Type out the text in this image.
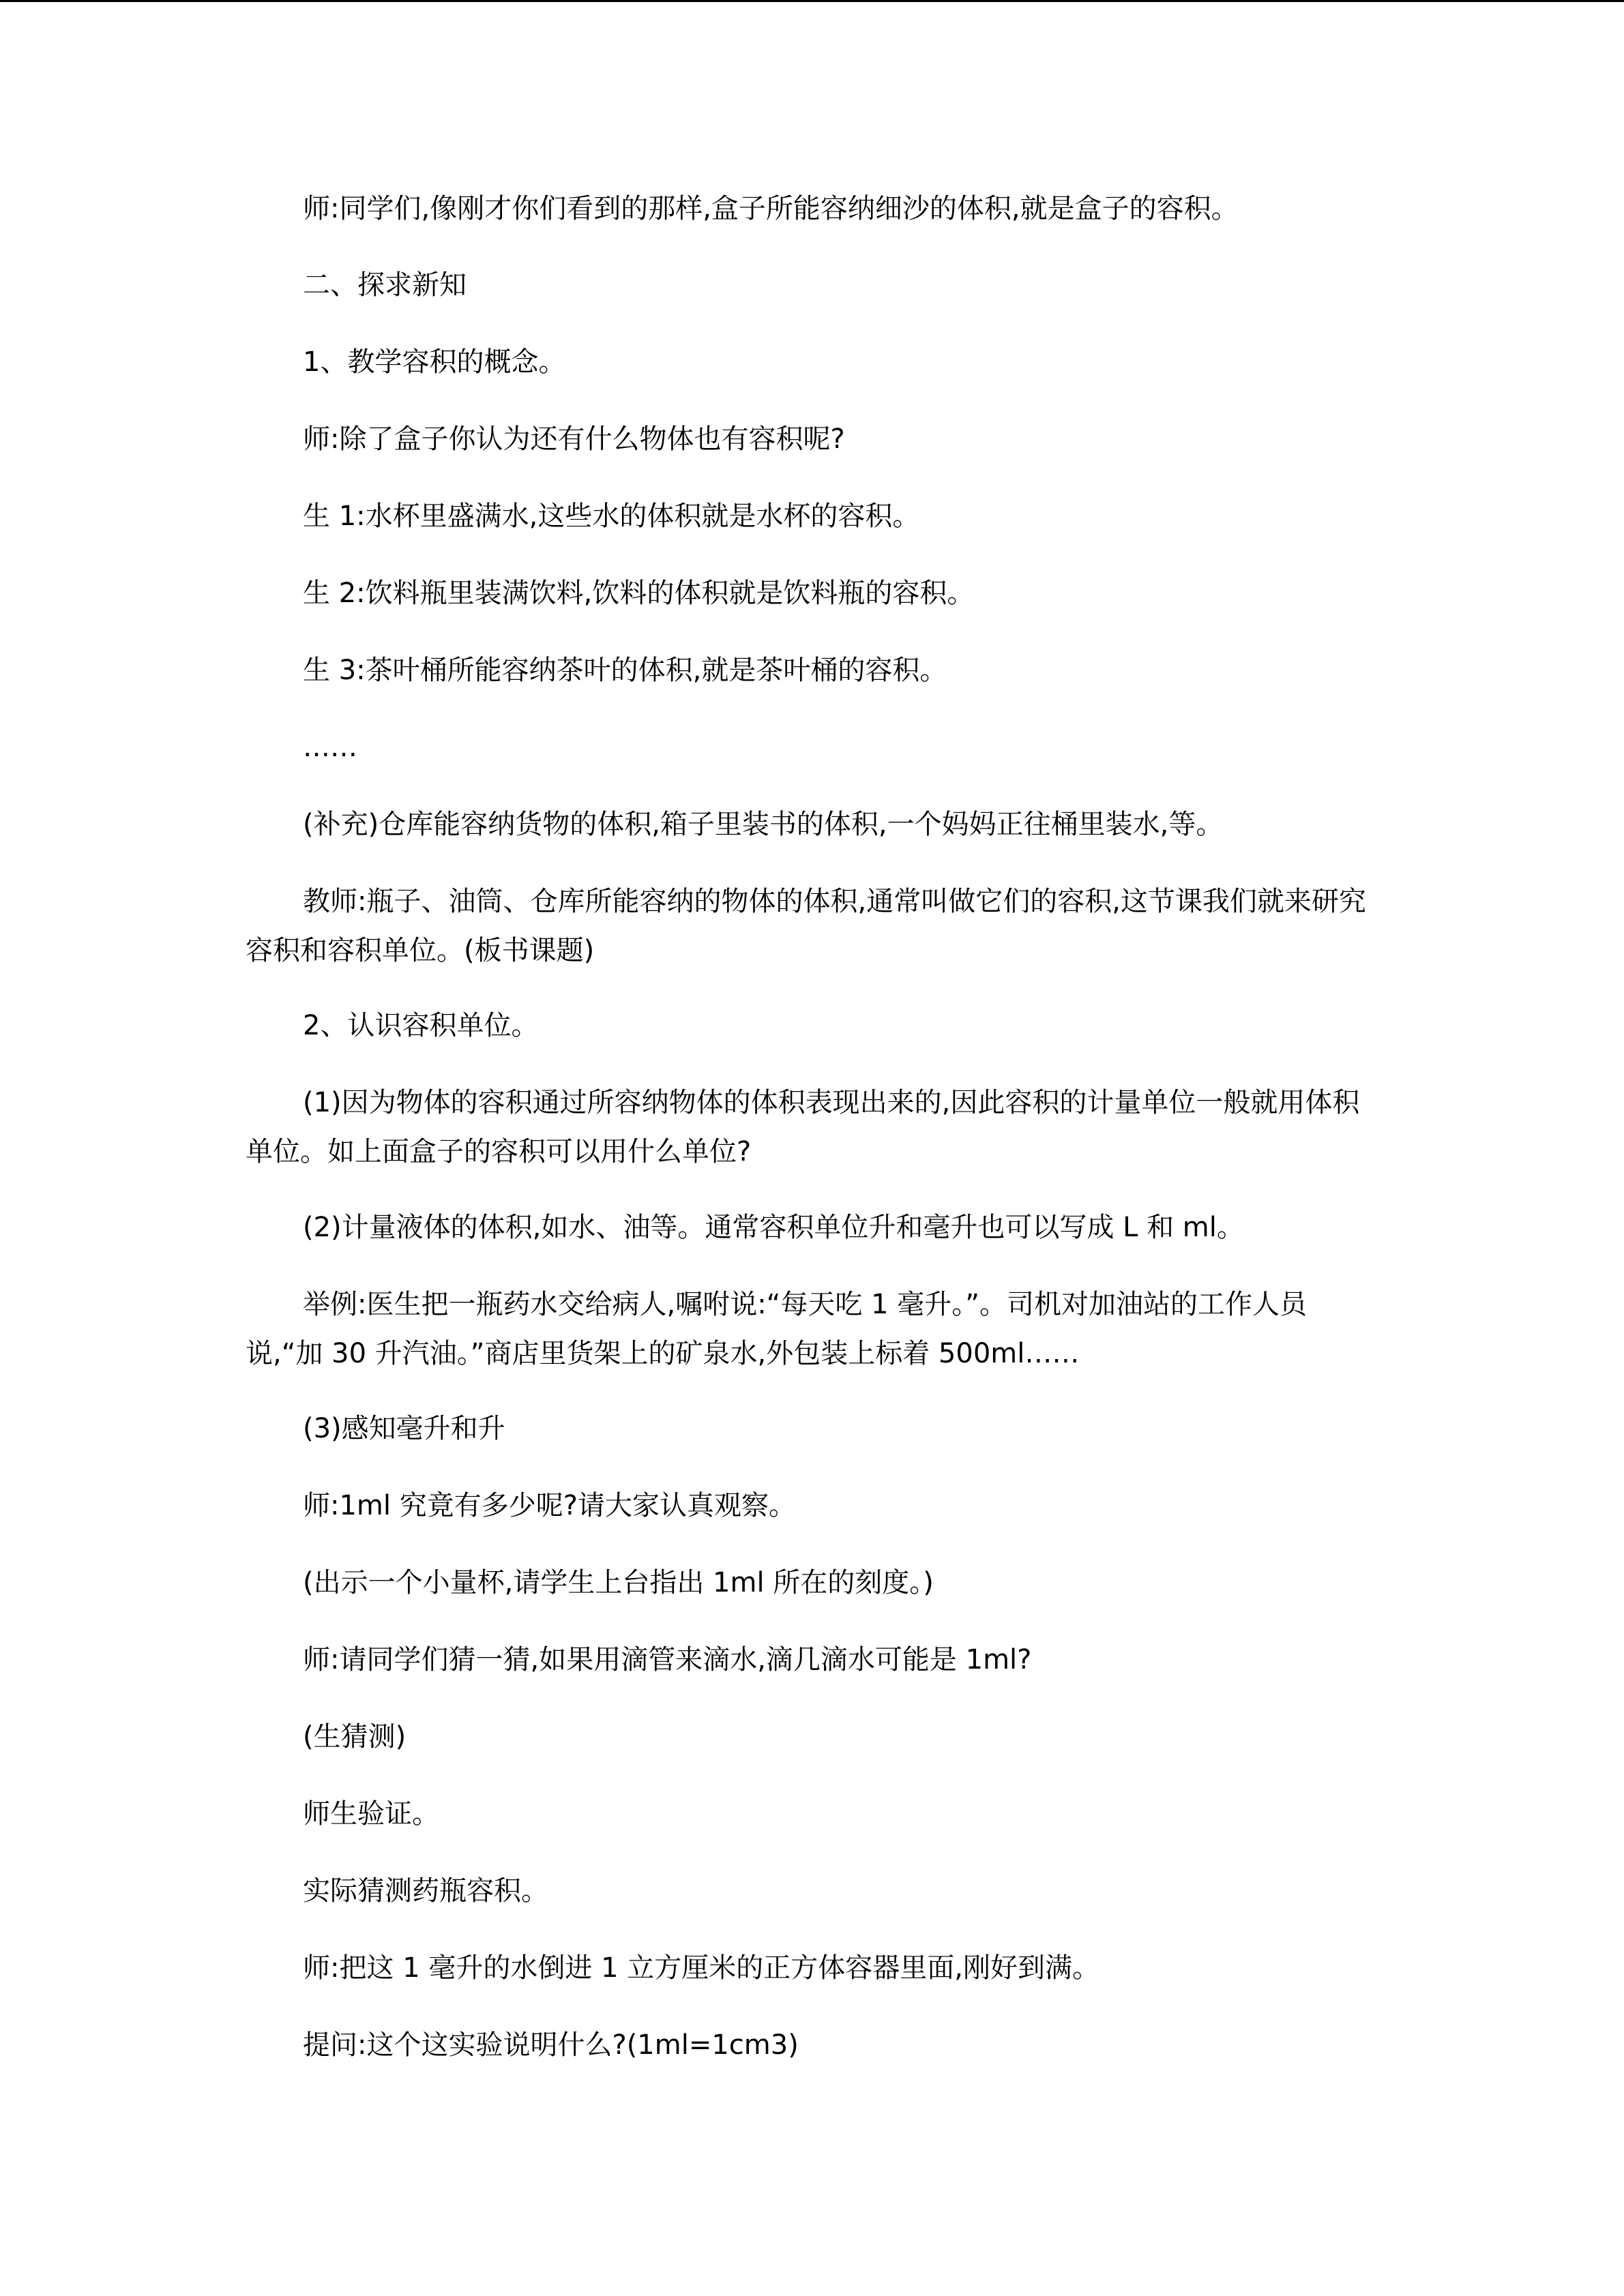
师:同学们,像刚才你们看到的那样,盒子所能容纳细沙的体积,就是盒子的容积。

二、探求新知

1、教学容积的概念。

师:除了盒子你认为还有什么物体也有容积呢?

生 1:水杯里盛满水,这些水的体积就是水杯的容积。

生 2:饮料瓶里装满饮料,饮料的体积就是饮料瓶的容积。

生 3:茶叶桶所能容纳茶叶的体积,就是茶叶桶的容积。

……

(补充)仓库能容纳货物的体积,箱子里装书的体积,一个妈妈正往桶里装水,等。

教师:瓶子、油筒、仓库所能容纳的物体的体积,通常叫做它们的容积,这节课我们就来研究容积和容积单位。(板书课题)

2、认识容积单位。

(1)因为物体的容积通过所容纳物体的体积表现出来的,因此容积的计量单位一般就用体积单位。如上面盒子的容积可以用什么单位?

(2)计量液体的体积,如水、油等。通常容积单位升和毫升也可以写成 L 和 ml。

举例:医生把一瓶药水交给病人,嘱咐说:“每天吃 1 毫升。”。司机对加油站的工作人员说,“加 30 升汽油。”商店里货架上的矿泉水,外包装上标着 500ml……

(3)感知毫升和升

师:1ml 究竟有多少呢?请大家认真观察。

(出示一个小量杯,请学生上台指出 1ml 所在的刻度。)

师:请同学们猜一猜,如果用滴管来滴水,滴几滴水可能是 1ml?

(生猜测)

师生验证。

实际猜测药瓶容积。

师:把这 1 毫升的水倒进 1 立方厘米的正方体容器里面,刚好到满。

提问:这个这实验说明什么?(1ml=1cm3)
